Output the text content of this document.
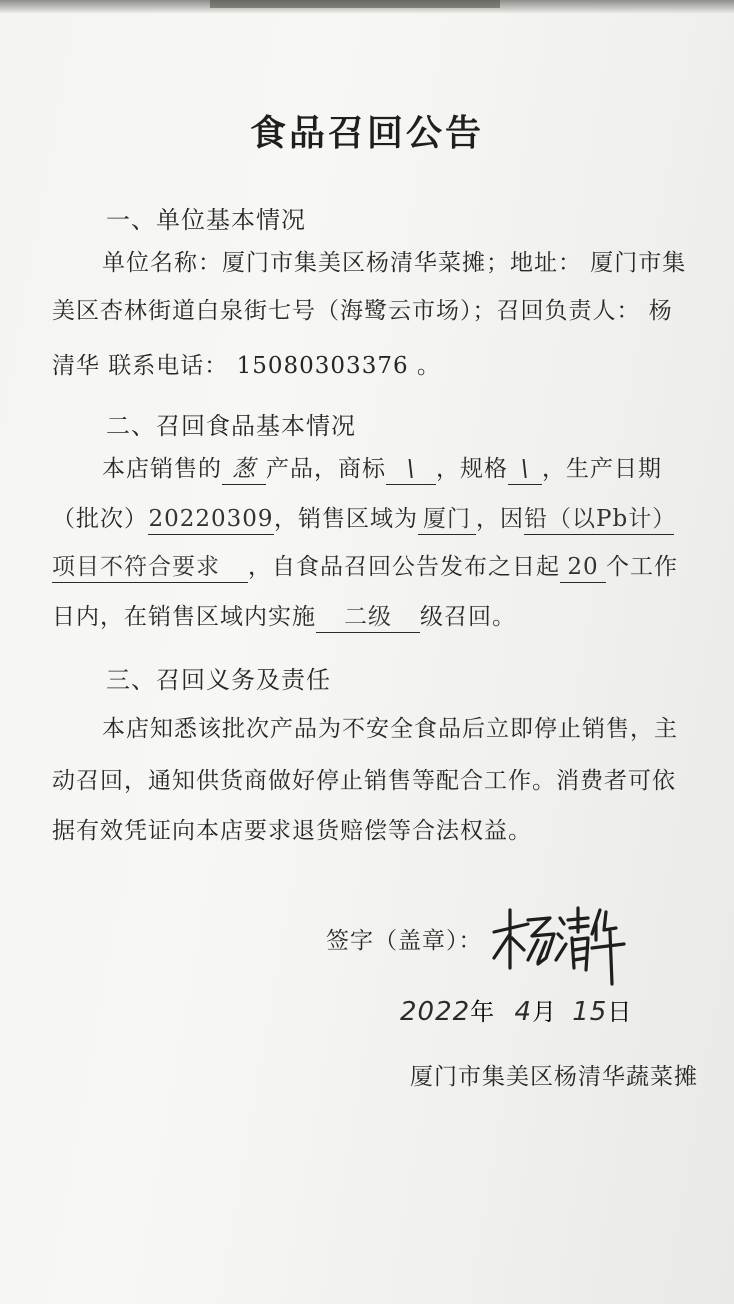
食品召回公告
一、单位基本情况
单位名称：厦门市集美区杨清华菜摊；地址： 厦门市集
美区杏林街道白泉街七号（海鹭云市场）；召回负责人： 杨
清华 联系电话： 15080303376 。
二、召回食品基本情况
本店销售的 葱 产品，商标 \ ，规格 \ ，生产日期
（批次）20220309，销售区域为 厦门 ，因铅（以Pb计）
项目不符合要求 ，自食品召回公告发布之日起 20 个工作
日内，在销售区域内实施 二级 级召回。
三、召回义务及责任
本店知悉该批次产品为不安全食品后立即停止销售，主
动召回，通知供货商做好停止销售等配合工作。消费者可依
据有效凭证向本店要求退货赔偿等合法权益。
签字（盖章）：
杨清华
2022年 4月 15日
厦门市集美区杨清华蔬菜摊
